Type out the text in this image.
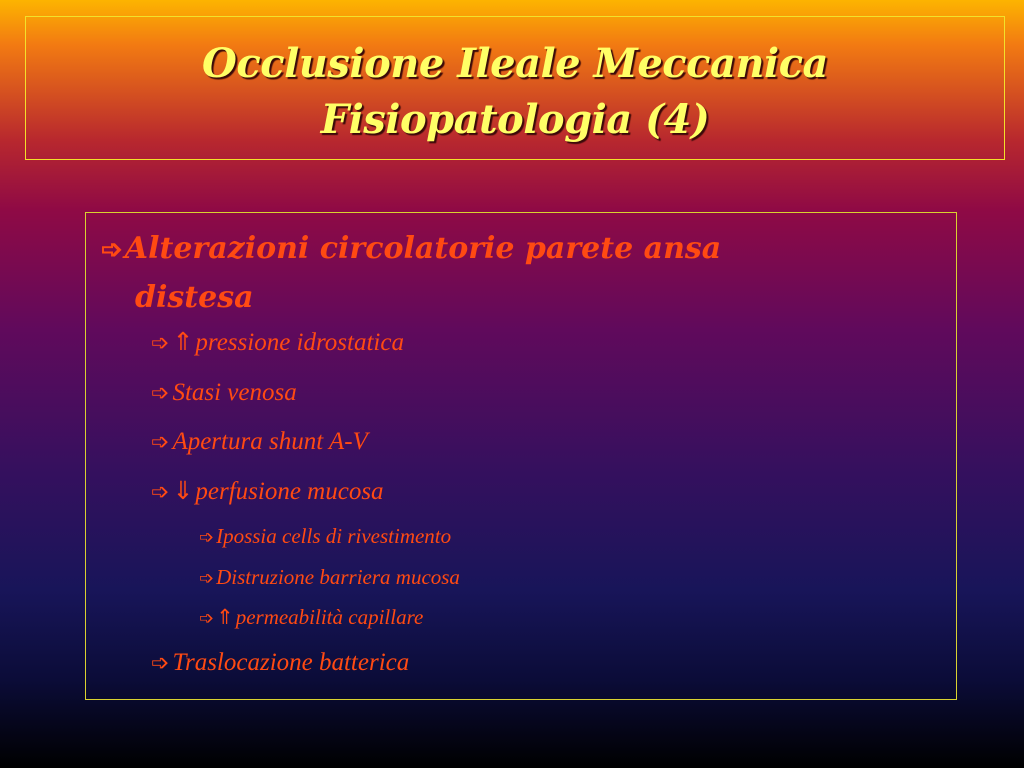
Occlusione Ileale Meccanica
Fisiopatologia (4)
➩Alterazioni circolatorie parete ansa
distesa
➩ ⇑pressione idrostatica
➩ Stasi venosa
➩ Apertura shunt A-V
➩ ⇓perfusione mucosa
➩Ipossia cells di rivestimento
➩Distruzione barriera mucosa
➩⇑permeabilità capillare
➩ Traslocazione batterica
